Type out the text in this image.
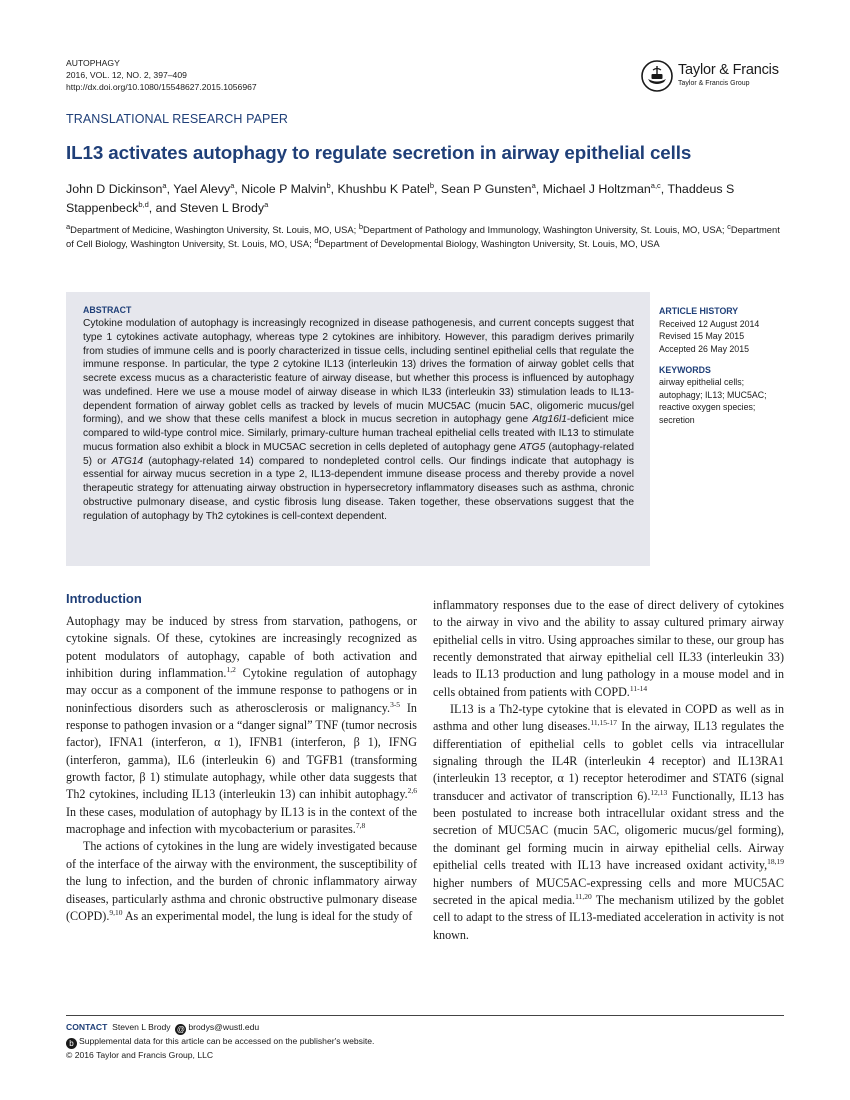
AUTOPHAGY
2016, VOL. 12, NO. 2, 397–409
http://dx.doi.org/10.1080/15548627.2015.1056967
Taylor & Francis
Taylor & Francis Group
TRANSLATIONAL RESEARCH PAPER
IL13 activates autophagy to regulate secretion in airway epithelial cells
John D Dickinson$^a$, Yael Alevy$^a$, Nicole P Malvin$^b$, Khushbu K Patel$^b$, Sean P Gunsten$^a$, Michael J Holtzman$^{a,c}$, Thaddeus S Stappenbeck$^{b,d}$, and Steven L Brody$^a$
$^a$Department of Medicine, Washington University, St. Louis, MO, USA; $^b$Department of Pathology and Immunology, Washington University, St. Louis, MO, USA; $^c$Department of Cell Biology, Washington University, St. Louis, MO, USA; $^d$Department of Developmental Biology, Washington University, St. Louis, MO, USA
ABSTRACT

Cytokine modulation of autophagy is increasingly recognized in disease pathogenesis, and current concepts suggest that type 1 cytokines activate autophagy, whereas type 2 cytokines are inhibitory. However, this paradigm derives primarily from studies of immune cells and is poorly characterized in tissue cells, including sentinel epithelial cells that regulate the immune response. In particular, the type 2 cytokine IL13 (interleukin 13) drives the formation of airway goblet cells that secrete excess mucus as a characteristic feature of airway disease, but whether this process is influenced by autophagy was undefined. Here we use a mouse model of airway disease in which IL33 (interleukin 33) stimulation leads to IL13-dependent formation of airway goblet cells as tracked by levels of mucin MUC5AC (mucin 5AC, oligomeric mucus/gel forming), and we show that these cells manifest a block in mucus secretion in autophagy gene Atg16l1-deficient mice compared to wild-type control mice. Similarly, primary-culture human tracheal epithelial cells treated with IL13 to stimulate mucus formation also exhibit a block in MUC5AC secretion in cells depleted of autophagy gene ATG5 (autophagy-related 5) or ATG14 (autophagy-related 14) compared to nondepleted control cells. Our findings indicate that autophagy is essential for airway mucus secretion in a type 2, IL13-dependent immune disease process and thereby provide a novel therapeutic strategy for attenuating airway obstruction in hypersecretory inflammatory diseases such as asthma, chronic obstructive pulmonary disease, and cystic fibrosis lung disease. Taken together, these observations suggest that the regulation of autophagy by Th2 cytokines is cell-context dependent.

ARTICLE HISTORY
Received 12 August 2014
Revised 15 May 2015
Accepted 26 May 2015
KEYWORDS
airway epithelial cells; autophagy; IL13; MUC5AC; reactive oxygen species; secretion
Introduction

Autophagy may be induced by stress from starvation, pathogens, or cytokine signals. Of these, cytokines are increasingly recognized as potent modulators of autophagy, capable of both activation and inhibition during inflammation.$^{1,2}$ Cytokine regulation of autophagy may occur as a component of the immune response to pathogens or in noninfectious disorders such as atherosclerosis or malignancy.$^{3-5}$ In response to pathogen invasion or a “danger signal” TNF (tumor necrosis factor), IFNA1 (interferon, α 1), IFNB1 (interferon, β 1), IFNG (interferon, gamma), IL6 (interleukin 6) and TGFB1 (transforming growth factor, β 1) stimulate autophagy, while other data suggests that Th2 cytokines, including IL13 (interleukin 13) can inhibit autophagy.$^{2,6}$ In these cases, modulation of autophagy by IL13 is in the context of the macrophage and infection with mycobacterium or parasites.$^{7,8}$

The actions of cytokines in the lung are widely investigated because of the interface of the airway with the environment, the susceptibility of the lung to infection, and the burden of chronic inflammatory airway diseases, particularly asthma and chronic obstructive pulmonary disease (COPD).$^{9,10}$ As an experimental model, the lung is ideal for the study of

inflammatory responses due to the ease of direct delivery of cytokines to the airway in vivo and the ability to assay cultured primary airway epithelial cells in vitro. Using approaches similar to these, our group has recently demonstrated that airway epithelial cell IL33 (interleukin 33) leads to IL13 production and lung pathology in a mouse model and in cells obtained from patients with COPD.$^{11-14}$

IL13 is a Th2-type cytokine that is elevated in COPD as well as in asthma and other lung diseases.$^{11,15-17}$ In the airway, IL13 regulates the differentiation of epithelial cells to goblet cells via intracellular signaling through the IL4R (interleukin 4 receptor) and IL13RA1 (interleukin 13 receptor, α 1) receptor heterodimer and STAT6 (signal transducer and activator of transcription 6).$^{12,13}$ Functionally, IL13 has been postulated to increase both intracellular oxidant stress and the secretion of MUC5AC (mucin 5AC, oligomeric mucus/gel forming), the dominant gel forming mucin in airway epithelial cells. Airway epithelial cells treated with IL13 have increased oxidant activity,$^{18,19}$ higher numbers of MUC5AC-expressing cells and more MUC5AC secreted in the apical media.$^{11,20}$ The mechanism utilized by the goblet cell to adapt to the stress of IL13-mediated acceleration in activity is not known.

CONTACT Steven L Brody @ brodys@wustl.edu
b Supplemental data for this article can be accessed on the publisher's website.
© 2016 Taylor and Francis Group, LLC
